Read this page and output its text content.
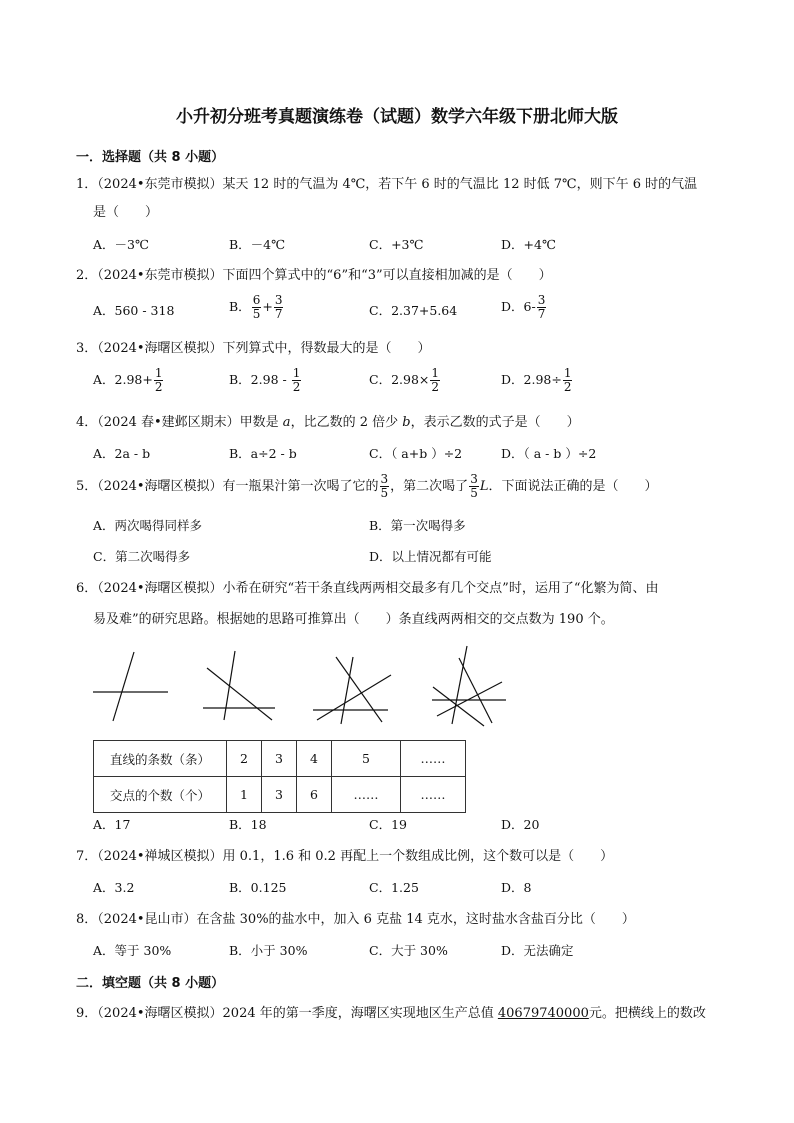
小升初分班考真题演练卷（试题）数学六年级下册北师大版
一．选择题（共 8 小题）
1．（2024•东莞市模拟）某天 12 时的气温为 4℃，若下午 6 时的气温比 12 时低 7℃，则下午 6 时的气温
是（　　）
A．－3℃	B．－4℃	C．+3℃	D．+4℃
2．（2024•东莞市模拟）下面四个算式中的“6”和“3”可以直接相加减的是（　　）
A．560 - 318	B． $\frac{6}{5} + \frac{3}{7}$	C．2.37+5.64	D．$6- \frac{3}{7}$
3．（2024•海曙区模拟）下列算式中，得数最大的是（　　）
A．$2.98+ \frac{1}{2}$	B．$2.98 - \frac{1}{2}$	C．$2.98\times \frac{1}{2}$	D．$2.98\div \frac{1}{2}$
4．（2024 春•建邺区期末）甲数是 a，比乙数的 2 倍少 b，表示乙数的式子是（　　）
A．2a - b	B．a÷2 - b	C．（ a+b ）÷2	D．（ a - b ）÷2
5．（2024•海曙区模拟）有一瓶果汁第一次喝了它的 $\frac{3}{5}$ ，第二次喝了 $\frac{3}{5}$ L．下面说法正确的是（　　）
A．两次喝得同样多	B．第一次喝得多
C．第二次喝得多	D．以上情况都有可能
6．（2024•海曙区模拟）小希在研究“若干条直线两两相交最多有几个交点”时，运用了“化繁为简、由
易及难”的研究思路。根据她的思路可推算出（　　）条直线两两相交的交点数为 190 个。
直线的条数（条）	2	3	4	5	……
交点的个数（个）	1	3	6	……	……
A．17	B．18	C．19	D．20
7．（2024•禅城区模拟）用 0.1，1.6 和 0.2 再配上一个数组成比例，这个数可以是（　　）
A．3.2	B．0.125	C．1.25	D．8
8．（2024•昆山市）在含盐 30%的盐水中，加入 6 克盐 14 克水，这时盐水含盐百分比（　　）
A．等于 30%	B．小于 30%	C．大于 30%	D．无法确定
二．填空题（共 8 小题）
9．（2024•海曙区模拟）2024 年的第一季度，海曙区实现地区生产总值 40679740000元。把横线上的数改
